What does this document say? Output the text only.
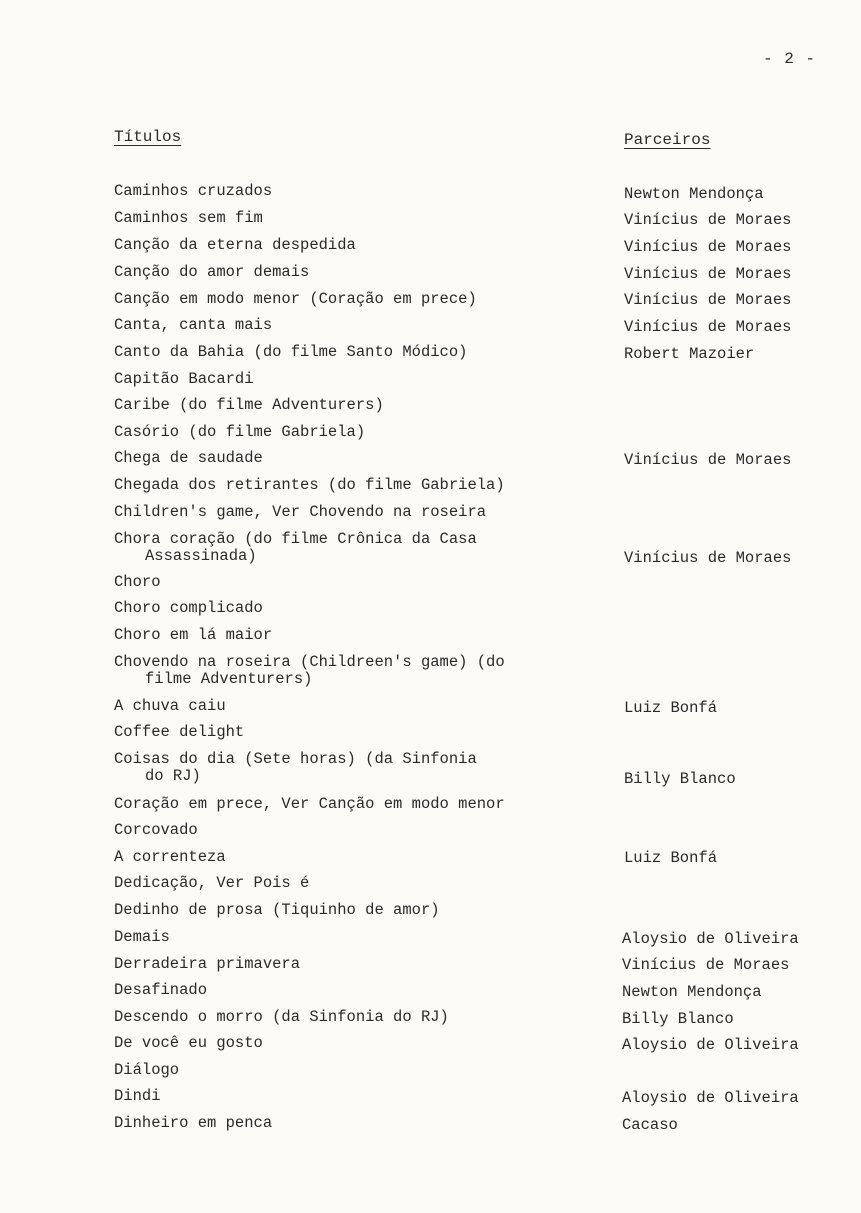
- 2 -
Títulos	Parceiros
Caminhos cruzados	Newton Mendonça
Caminhos sem fim	Vinícius de Moraes
Canção da eterna despedida	Vinícius de Moraes
Canção do amor demais	Vinícius de Moraes
Canção em modo menor (Coração em prece)	Vinícius de Moraes
Canta, canta mais	Vinícius de Moraes
Canto da Bahia (do filme Santo Módico)	Robert Mazoier
Capitão Bacardi
Caribe (do filme Adventurers)
Casório (do filme Gabriela)
Chega de saudade	Vinícius de Moraes
Chegada dos retirantes (do filme Gabriela)
Children's game, Ver Chovendo na roseira
Chora coração (do filme Crônica da Casa
Assassinada)	Vinícius de Moraes
Choro
Choro complicado
Choro em lá maior
Chovendo na roseira (Childreen's game) (do
filme Adventurers)
A chuva caiu	Luiz Bonfá
Coffee delight
Coisas do dia (Sete horas) (da Sinfonia
do RJ)	Billy Blanco
Coração em prece, Ver Canção em modo menor
Corcovado
A correnteza	Luiz Bonfá
Dedicação, Ver Pois é
Dedinho de prosa (Tiquinho de amor)
Demais	Aloysio de Oliveira
Derradeira primavera	Vinícius de Moraes
Desafinado	Newton Mendonça
Descendo o morro (da Sinfonia do RJ)	Billy Blanco
De você eu gosto	Aloysio de Oliveira
Diálogo
Dindi	Aloysio de Oliveira
Dinheiro em penca	Cacaso
